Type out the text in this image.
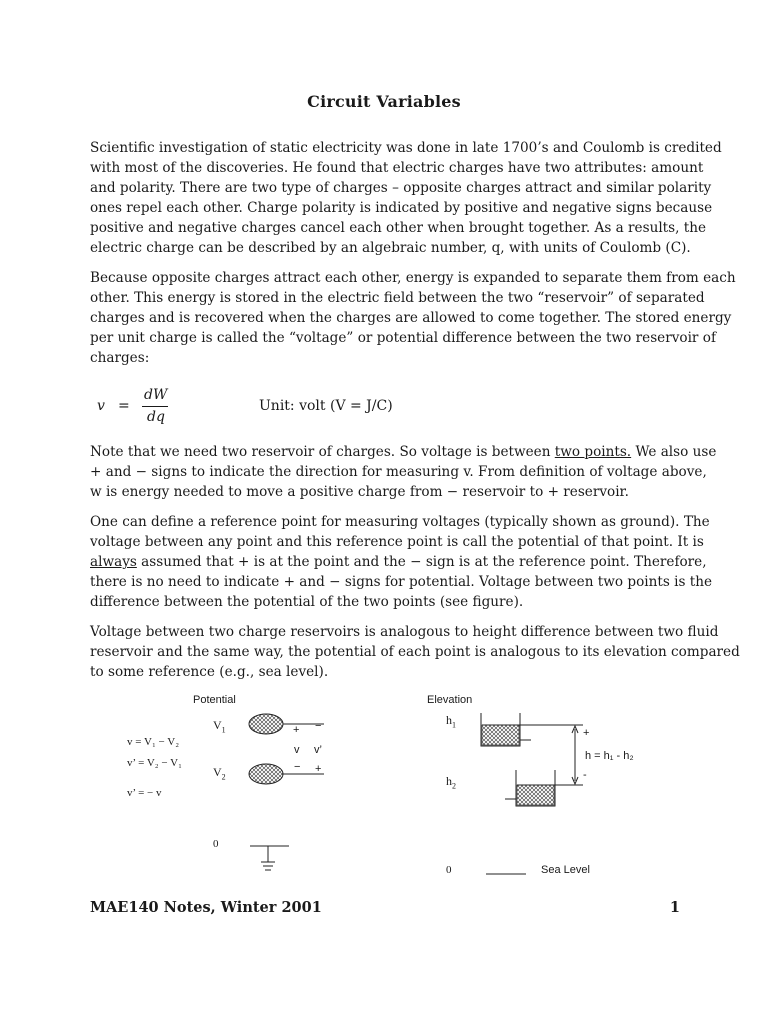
Circuit Variables
Scientific investigation of static electricity was done in late 1700’s and Coulomb is credited
with most of the discoveries. He found that electric charges have two attributes: amount
and polarity. There are two type of charges – opposite charges attract and similar polarity
ones repel each other. Charge polarity is indicated by positive and negative signs because
positive and negative charges cancel each other when brought together. As a results, the
electric charge can be described by an algebraic number, q, with units of Coulomb (C).
Because opposite charges attract each other, energy is expanded to separate them from each
other. This energy is stored in the electric field between the two “reservoir” of separated
charges and is recovered when the charges are allowed to come together. The stored energy
per unit charge is called the “voltage” or potential difference between the two reservoir of
charges:
v =
dW
dq
Unit: volt (V = J/C)
Note that we need two reservoir of charges. So voltage is between two points. We also use
+ and − signs to indicate the direction for measuring v. From definition of voltage above,
w is energy needed to move a positive charge from − reservoir to + reservoir.
One can define a reference point for measuring voltages (typically shown as ground). The
voltage between any point and this reference point is call the potential of that point. It is
always assumed that + is at the point and the − sign is at the reference point. Therefore,
there is no need to indicate + and − signs for potential. Voltage between two points is the
difference between the potential of the two points (see figure).
Voltage between two charge reservoirs is analogous to height difference between two fluid
reservoir and the same way, the potential of each point is analogous to its elevation compared
to some reference (e.g., sea level).
Potential
$V_1$
$V_2$
+ −
v v’
− +
v = V₁ − V₂
v’ = V₂ − V₁
v’ = − v
0
Elevation
$h_1$
$h_2$
+
-
h = h₁ - h₂
0	Sea Level
MAE140 Notes, Winter 2001	1
